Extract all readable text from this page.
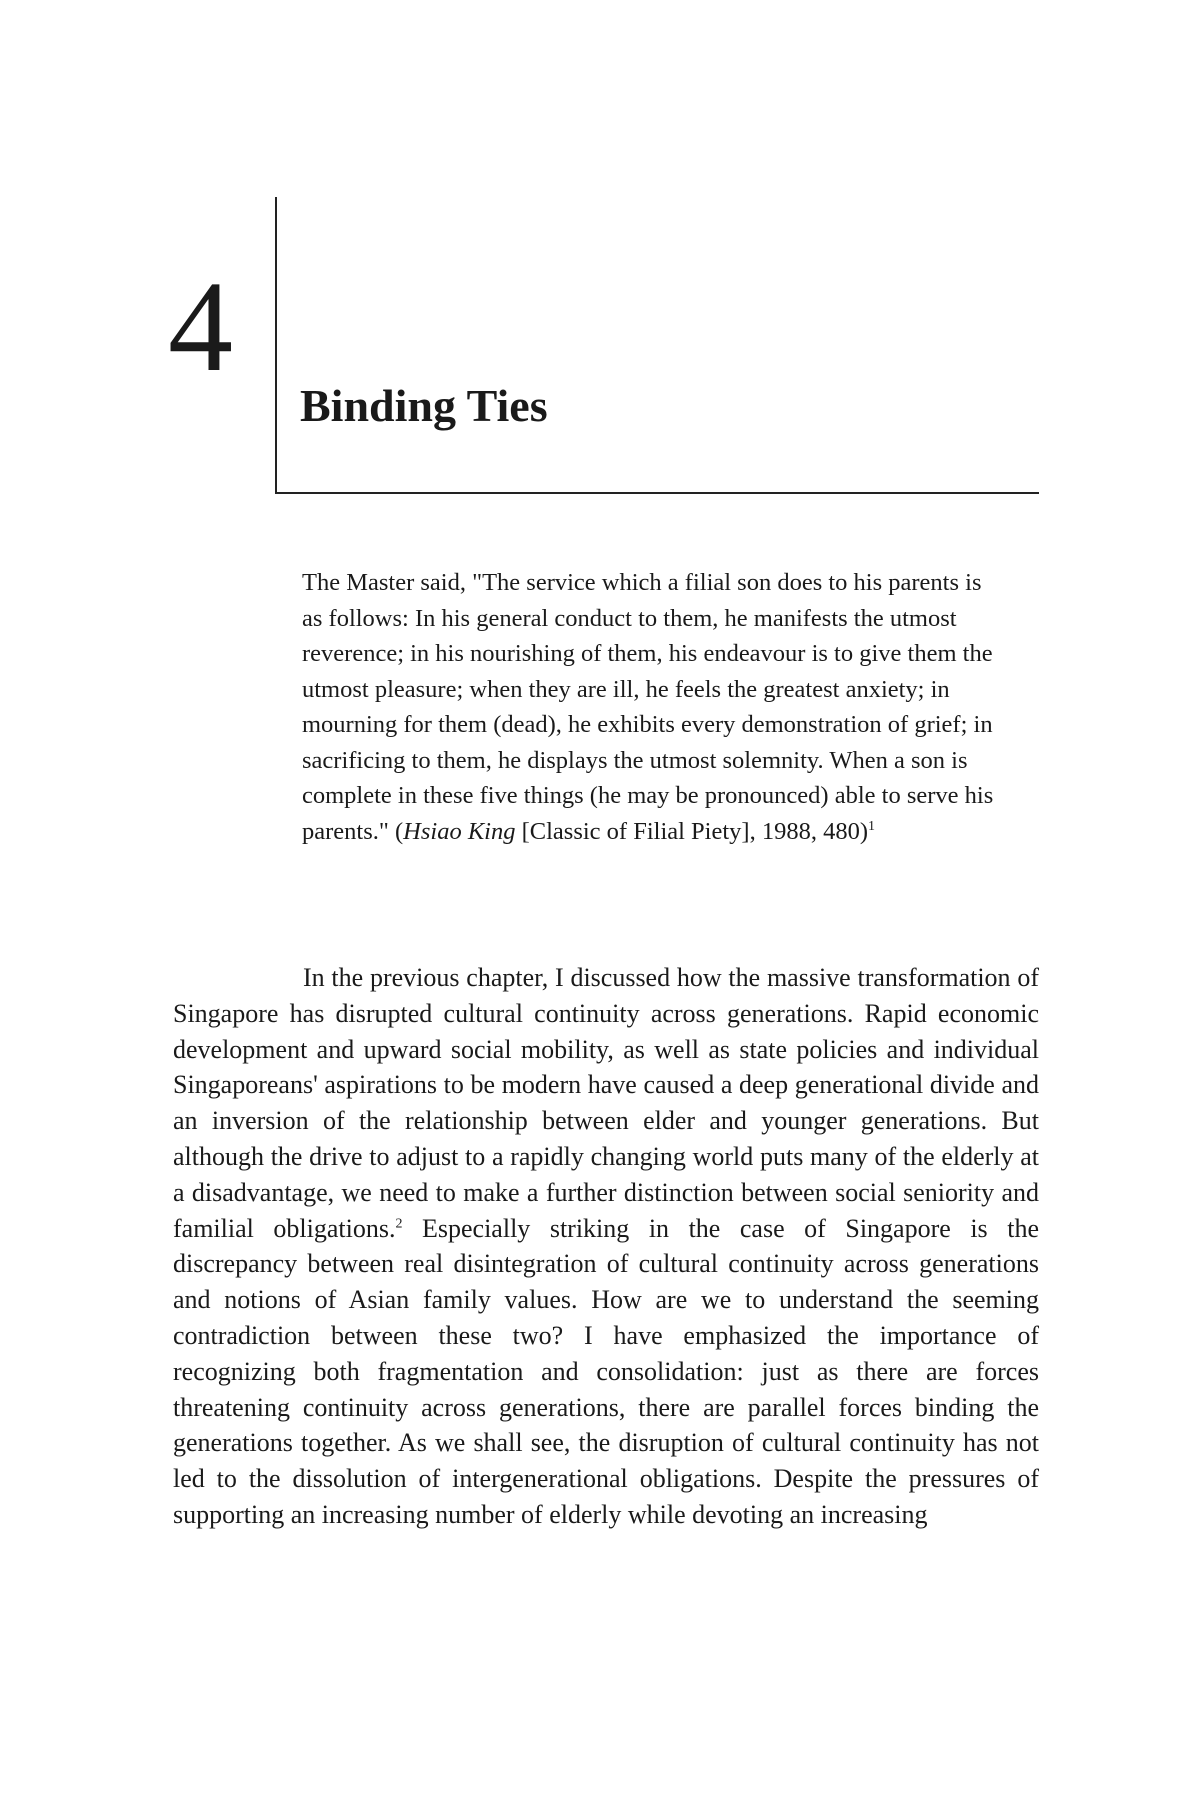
4
Binding Ties
The Master said, "The service which a filial son does to his parents is as follows: In his general conduct to them, he manifests the utmost reverence; in his nourishing of them, his endeavour is to give them the utmost pleasure; when they are ill, he feels the greatest anxiety; in mourning for them (dead), he exhibits every demonstration of grief; in sacrificing to them, he displays the utmost solemnity. When a son is complete in these five things (he may be pronounced) able to serve his parents." (Hsiao King [Classic of Filial Piety], 1988, 480)$^1$
In the previous chapter, I discussed how the massive transformation of Singapore has disrupted cultural continuity across generations. Rapid economic development and upward social mobility, as well as state policies and individual Singaporeans' aspirations to be modern have caused a deep generational divide and an inversion of the relationship between elder and younger generations. But although the drive to adjust to a rapidly changing world puts many of the elderly at a disadvantage, we need to make a further distinction between social seniority and familial obligations.$^2$ Especially striking in the case of Singapore is the discrepancy between real disintegration of cultural continuity across generations and notions of Asian family values. How are we to understand the seeming contradiction between these two? I have emphasized the importance of recognizing both fragmentation and consolidation: just as there are forces threatening continuity across generations, there are parallel forces binding the generations together. As we shall see, the disruption of cultural continuity has not led to the dissolution of intergenerational obligations. Despite the pressures of supporting an increasing number of elderly while devoting an increasing
